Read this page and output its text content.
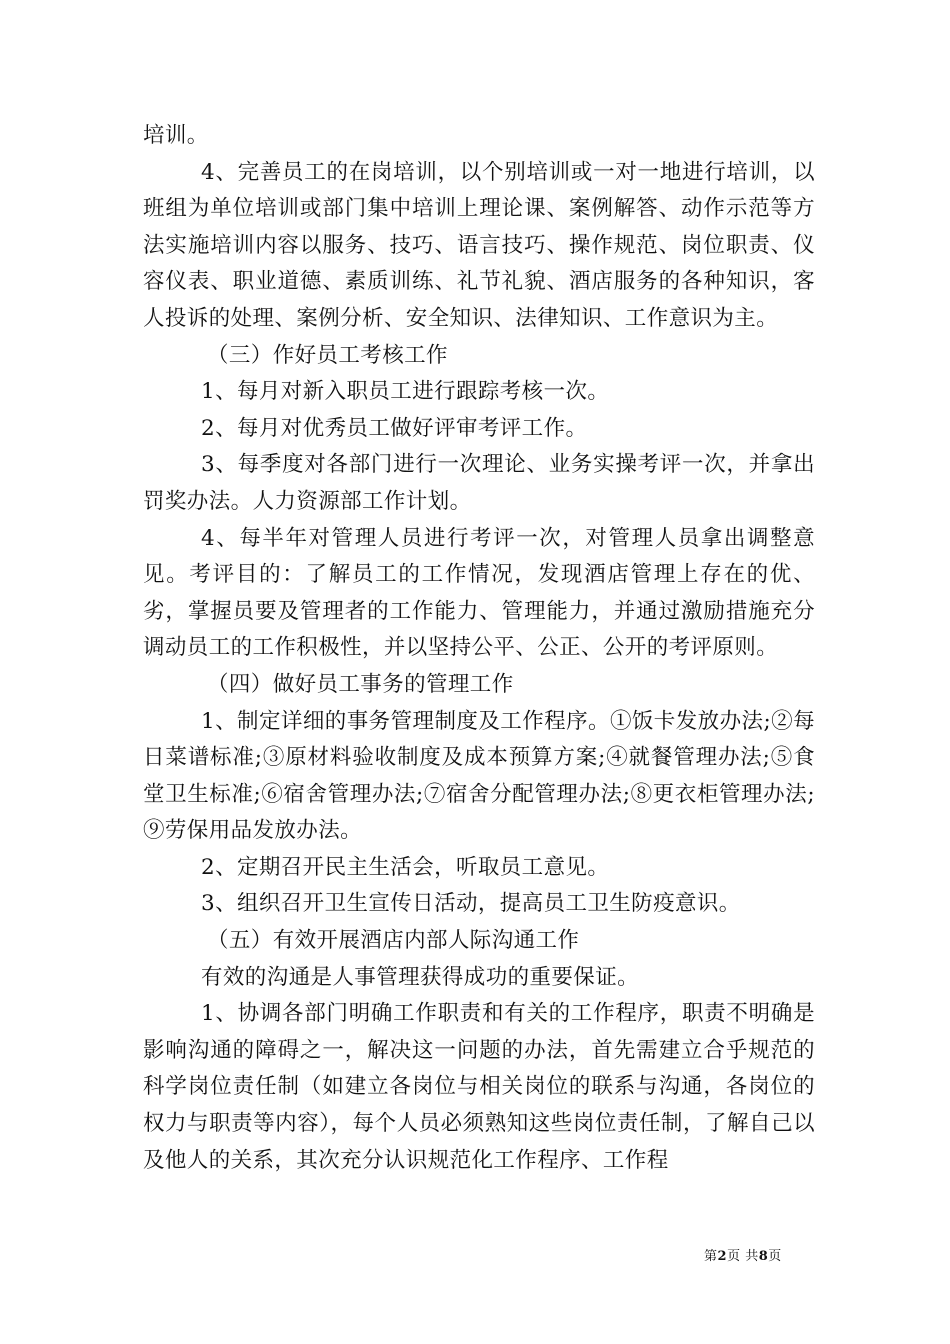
培训。

4、完善员工的在岗培训，以个别培训或一对一地进行培训，以班组为单位培训或部门集中培训上理论课、案例解答、动作示范等方法实施培训内容以服务、技巧、语言技巧、操作规范、岗位职责、仪容仪表、职业道德、素质训练、礼节礼貌、酒店服务的各种知识，客人投诉的处理、案例分析、安全知识、法律知识、工作意识为主。

（三）作好员工考核工作

1、每月对新入职员工进行跟踪考核一次。

2、每月对优秀员工做好评审考评工作。

3、每季度对各部门进行一次理论、业务实操考评一次，并拿出罚奖办法。人力资源部工作计划。

4、每半年对管理人员进行考评一次，对管理人员拿出调整意见。考评目的：了解员工的工作情况，发现酒店管理上存在的优、劣，掌握员要及管理者的工作能力、管理能力，并通过激励措施充分调动员工的工作积极性，并以坚持公平、公正、公开的考评原则。

（四）做好员工事务的管理工作

1、制定详细的事务管理制度及工作程序。①饭卡发放办法;②每日菜谱标准;③原材料验收制度及成本预算方案;④就餐管理办法;⑤食堂卫生标准;⑥宿舍管理办法;⑦宿舍分配管理办法;⑧更衣柜管理办法;⑨劳保用品发放办法。

2、定期召开民主生活会，听取员工意见。

3、组织召开卫生宣传日活动，提高员工卫生防疫意识。

（五）有效开展酒店内部人际沟通工作

有效的沟通是人事管理获得成功的重要保证。

1、协调各部门明确工作职责和有关的工作程序，职责不明确是影响沟通的障碍之一，解决这一问题的办法，首先需建立合乎规范的科学岗位责任制（如建立各岗位与相关岗位的联系与沟通，各岗位的权力与职责等内容），每个人员必须熟知这些岗位责任制，了解自己以及他人的关系，其次充分认识规范化工作程序、工作程

第2页 共8页
